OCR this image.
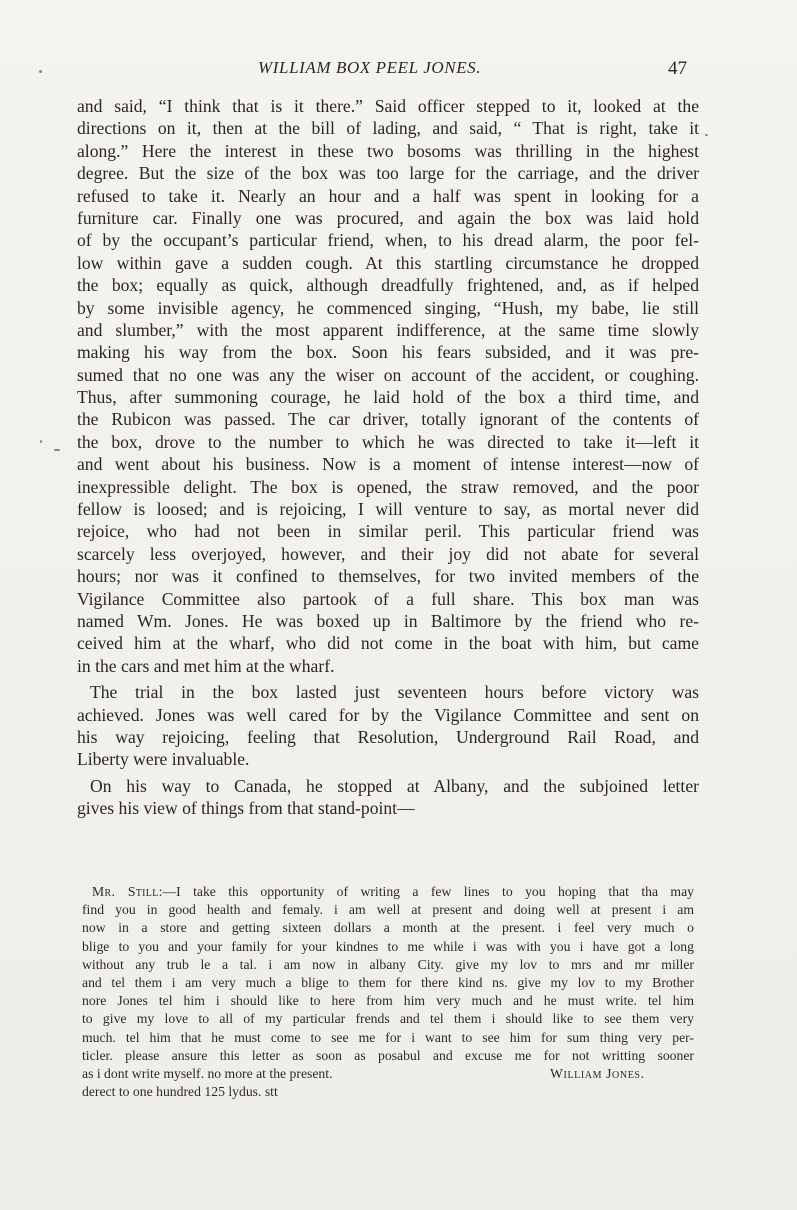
WILLIAM BOX PEEL JONES.	47
and said, “I think that is it there.” Said officer stepped to it, looked at the
directions on it, then at the bill of lading, and said, “ That is right, take it
along.” Here the interest in these two bosoms was thrilling in the highest
degree. But the size of the box was too large for the carriage, and the driver
refused to take it. Nearly an hour and a half was spent in looking for a
furniture car. Finally one was procured, and again the box was laid hold
of by the occupant’s particular friend, when, to his dread alarm, the poor fel-
low within gave a sudden cough. At this startling circumstance he dropped
the box; equally as quick, although dreadfully frightened, and, as if helped
by some invisible agency, he commenced singing, “Hush, my babe, lie still
and slumber,” with the most apparent indifference, at the same time slowly
making his way from the box. Soon his fears subsided, and it was pre-
sumed that no one was any the wiser on account of the accident, or coughing.
Thus, after summoning courage, he laid hold of the box a third time, and
the Rubicon was passed. The car driver, totally ignorant of the contents of
the box, drove to the number to which he was directed to take it—left it
and went about his business. Now is a moment of intense interest—now of
inexpressible delight. The box is opened, the straw removed, and the poor
fellow is loosed; and is rejoicing, I will venture to say, as mortal never did
rejoice, who had not been in similar peril. This particular friend was
scarcely less overjoyed, however, and their joy did not abate for several
hours; nor was it confined to themselves, for two invited members of the
Vigilance Committee also partook of a full share. This box man was
named Wm. Jones. He was boxed up in Baltimore by the friend who re-
ceived him at the wharf, who did not come in the boat with him, but came
in the cars and met him at the wharf.
The trial in the box lasted just seventeen hours before victory was
achieved. Jones was well cared for by the Vigilance Committee and sent on
his way rejoicing, feeling that Resolution, Underground Rail Road, and
Liberty were invaluable.
On his way to Canada, he stopped at Albany, and the subjoined letter
gives his view of things from that stand-point—
Mr. Still:—I take this opportunity of writing a few lines to you hoping that tha may
find you in good health and femaly. i am well at present and doing well at present i am
now in a store and getting sixteen dollars a month at the present. i feel very much o
blige to you and your family for your kindnes to me while i was with you i have got a long
without any trub le a tal. i am now in albany City. give my lov to mrs and mr miller
and tel them i am very much a blige to them for there kind ns. give my lov to my Brother
nore Jones tel him i should like to here from him very much and he must write. tel him
to give my love to all of my particular frends and tel them i should like to see them very
much. tel him that he must come to see me for i want to see him for sum thing very per-
ticler. please ansure this letter as soon as posabul and excuse me for not writting sooner
as i dont write myself. no more at the present.	William Jones.
derect to one hundred 125 lydus. stt
